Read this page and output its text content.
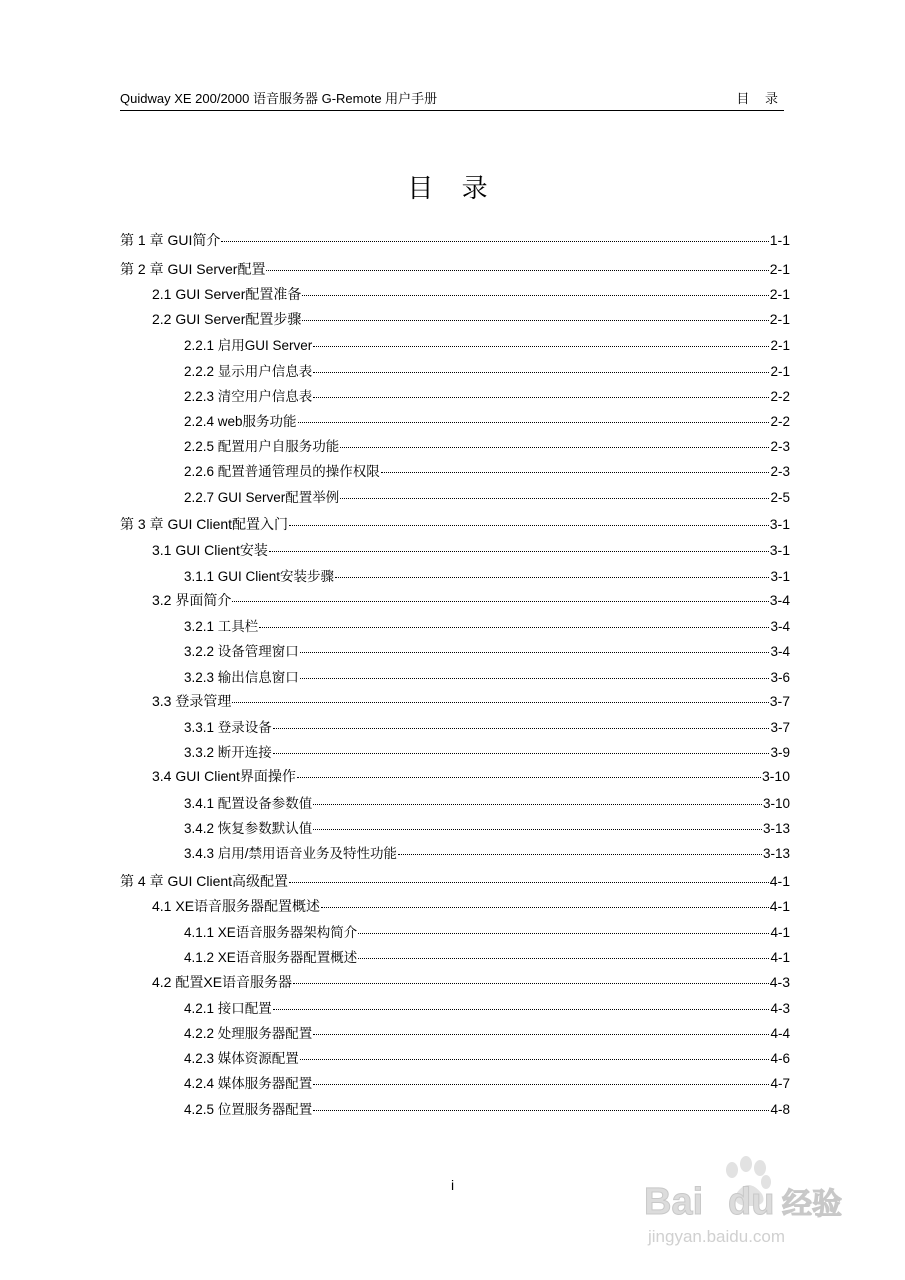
Quidway XE 200/2000 语音服务器 G-Remote 用户手册	目 录
目 录
第 1 章 GUI简介	1-1
第 2 章 GUI Server配置	2-1
2.1 GUI Server配置准备	2-1
2.2 GUI Server配置步骤	2-1
2.2.1 启用GUI Server	2-1
2.2.2 显示用户信息表	2-1
2.2.3 清空用户信息表	2-2
2.2.4 web服务功能	2-2
2.2.5 配置用户自服务功能	2-3
2.2.6 配置普通管理员的操作权限	2-3
2.2.7 GUI Server配置举例	2-5
第 3 章 GUI Client配置入门	3-1
3.1 GUI Client安装	3-1
3.1.1 GUI Client安装步骤	3-1
3.2 界面简介	3-4
3.2.1 工具栏	3-4
3.2.2 设备管理窗口	3-4
3.2.3 输出信息窗口	3-6
3.3 登录管理	3-7
3.3.1 登录设备	3-7
3.3.2 断开连接	3-9
3.4 GUI Client界面操作	3-10
3.4.1 配置设备参数值	3-10
3.4.2 恢复参数默认值	3-13
3.4.3 启用/禁用语音业务及特性功能	3-13
第 4 章 GUI Client高级配置	4-1
4.1 XE语音服务器配置概述	4-1
4.1.1 XE语音服务器架构简介	4-1
4.1.2 XE语音服务器配置概述	4-1
4.2 配置XE语音服务器	4-3
4.2.1 接口配置	4-3
4.2.2 处理服务器配置	4-4
4.2.3 媒体资源配置	4-6
4.2.4 媒体服务器配置	4-7
4.2.5 位置服务器配置	4-8
i	Bai du 经验
jingyan.baidu.com
